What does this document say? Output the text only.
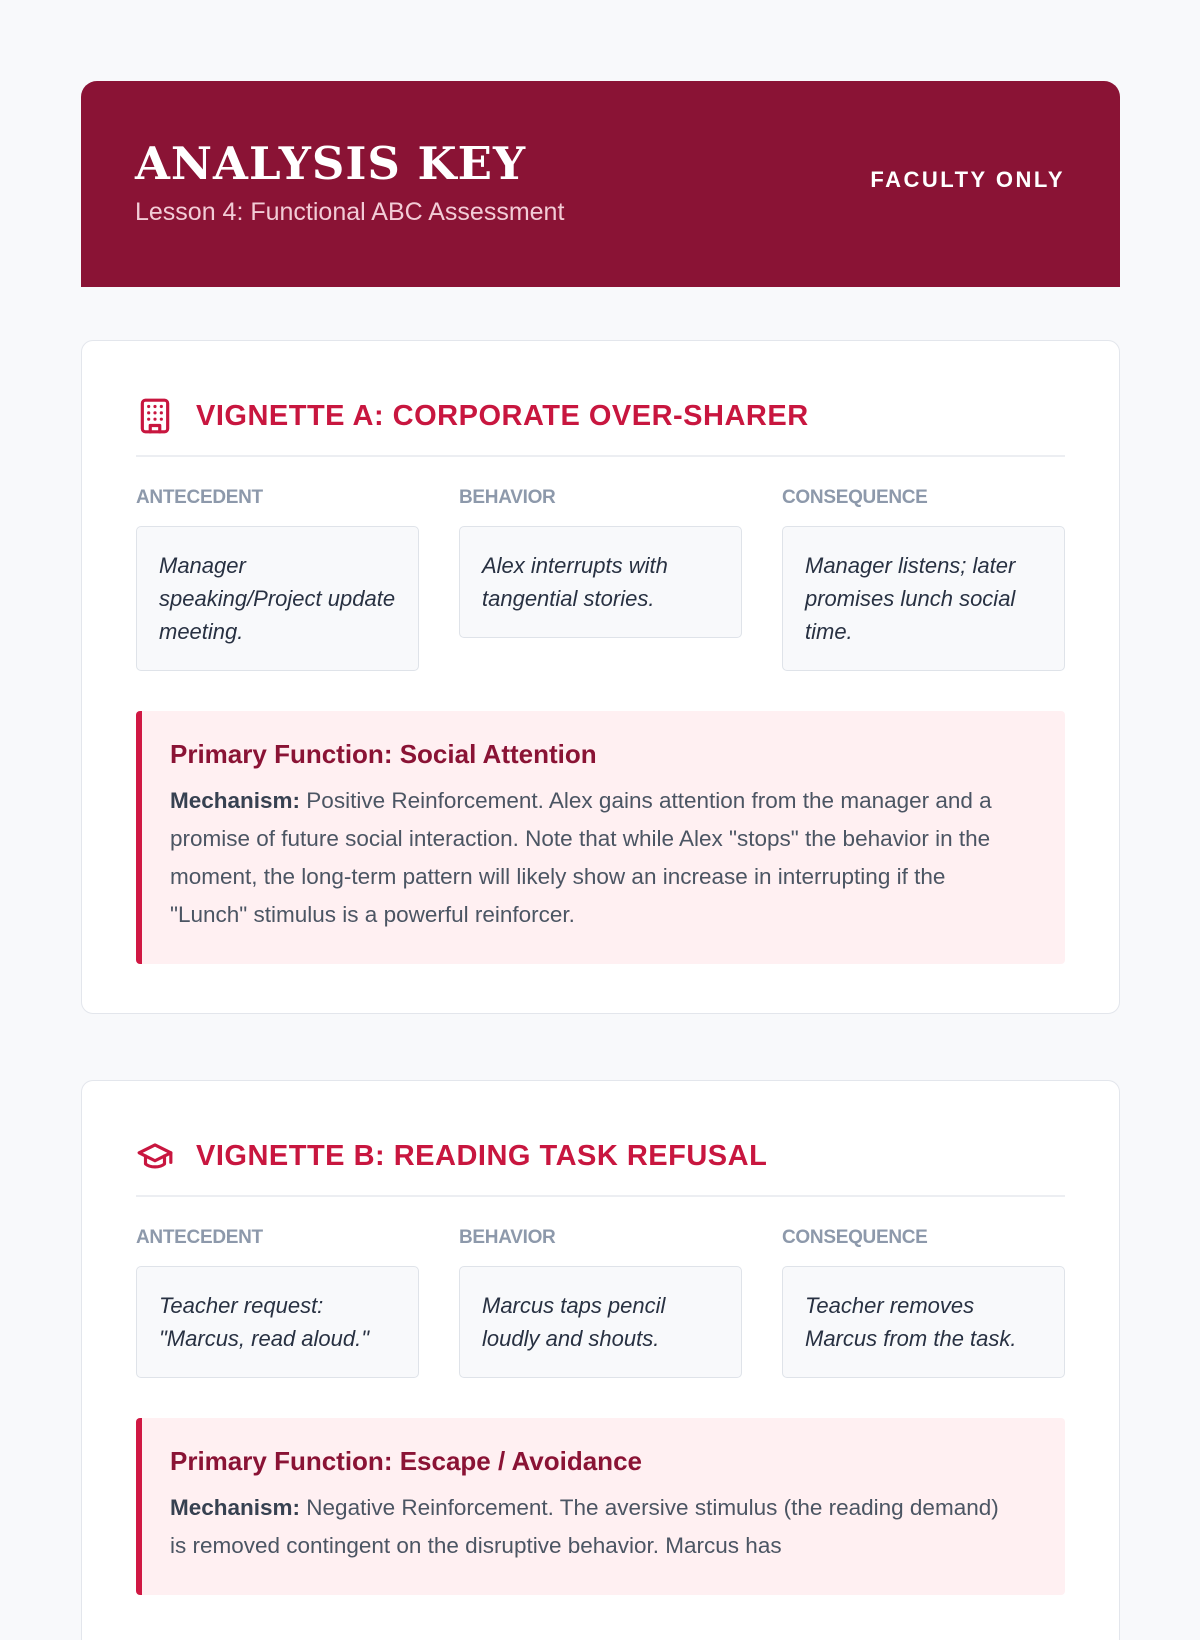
ANALYSIS KEY
Lesson 4: Functional ABC Assessment
FACULTY ONLY
VIGNETTE A: CORPORATE OVER-SHARER
ANTECEDENT
Manager speaking/Project update meeting.
BEHAVIOR
Alex interrupts with tangential stories.
CONSEQUENCE
Manager listens; later promises lunch social time.
Primary Function: Social Attention
Mechanism: Positive Reinforcement. Alex gains attention from the manager and a promise of future social interaction. Note that while Alex "stops" the behavior in the moment, the long-term pattern will likely show an increase in interrupting if the "Lunch" stimulus is a powerful reinforcer.
VIGNETTE B: READING TASK REFUSAL
ANTECEDENT
Teacher request: "Marcus, read aloud."
BEHAVIOR
Marcus taps pencil loudly and shouts.
CONSEQUENCE
Teacher removes Marcus from the task.
Primary Function: Escape / Avoidance
Mechanism: Negative Reinforcement. The aversive stimulus (the reading demand) is removed contingent on the disruptive behavior. Marcus has
